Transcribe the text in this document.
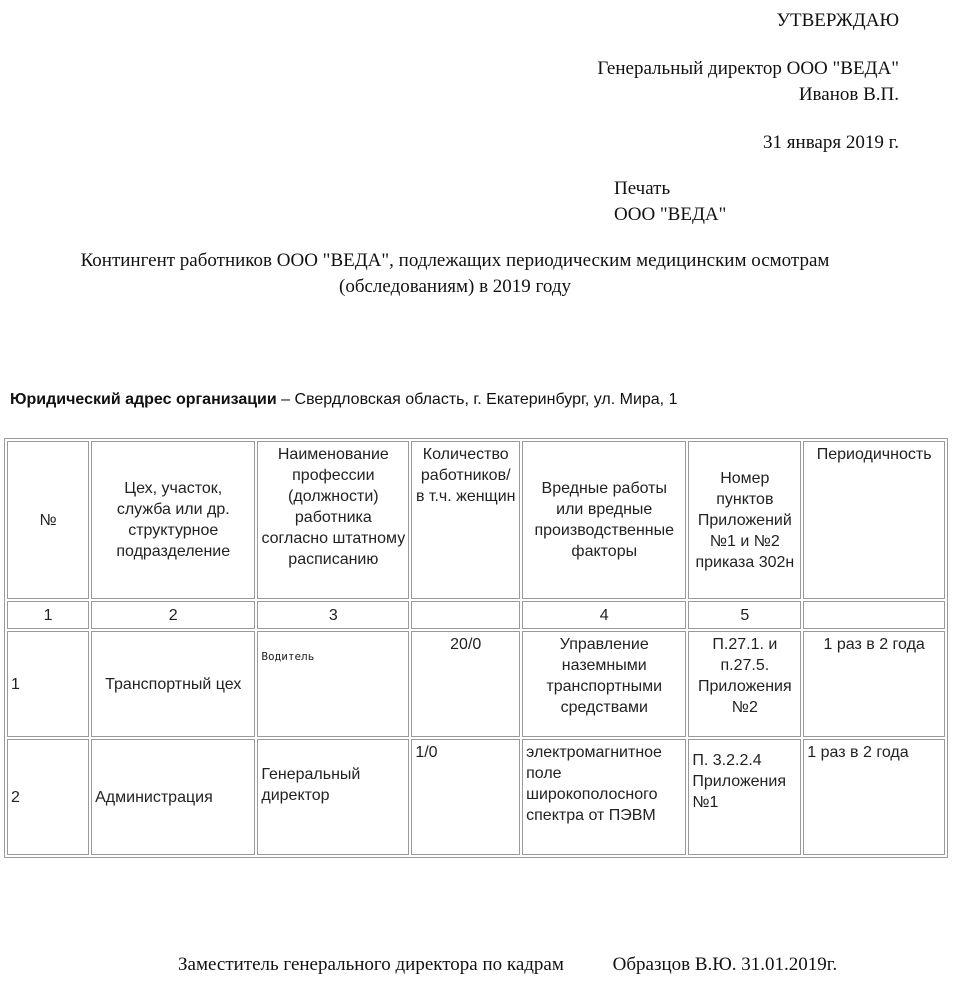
УТВЕРЖДАЮ
Генеральный директор ООО "ВЕДА"
Иванов В.П.
31 января 2019 г.
Печать
ООО "ВЕДА"
Контингент работников ООО "ВЕДА", подлежащих периодическим медицинским осмотрам
(обследованиям) в 2019 году
Юридический адрес организации – Свердловская область, г. Екатеринбург, ул. Мира, 1
№	Цех, участок, служба или др. структурное подразделение	Наименование профессии (должности) работника согласно штатному расписанию	Количество работников/ в т.ч. женщин	Вредные работы или вредные производственные факторы	Номер пунктов Приложений №1 и №2 приказа 302н	Периодичность
1	2	3		4	5	
1	Транспортный цех	Водитель	20/0	Управление наземными транспортными средствами	П.27.1. и п.27.5. Приложения №2	1 раз в 2 года
2	Администрация	Генеральный директор	1/0	электромагнитное поле широкополосного спектра от ПЭВМ	П. 3.2.2.4 Приложения №1	1 раз в 2 года
Заместитель генерального директора по кадрам	Образцов В.Ю. 31.01.2019г.
